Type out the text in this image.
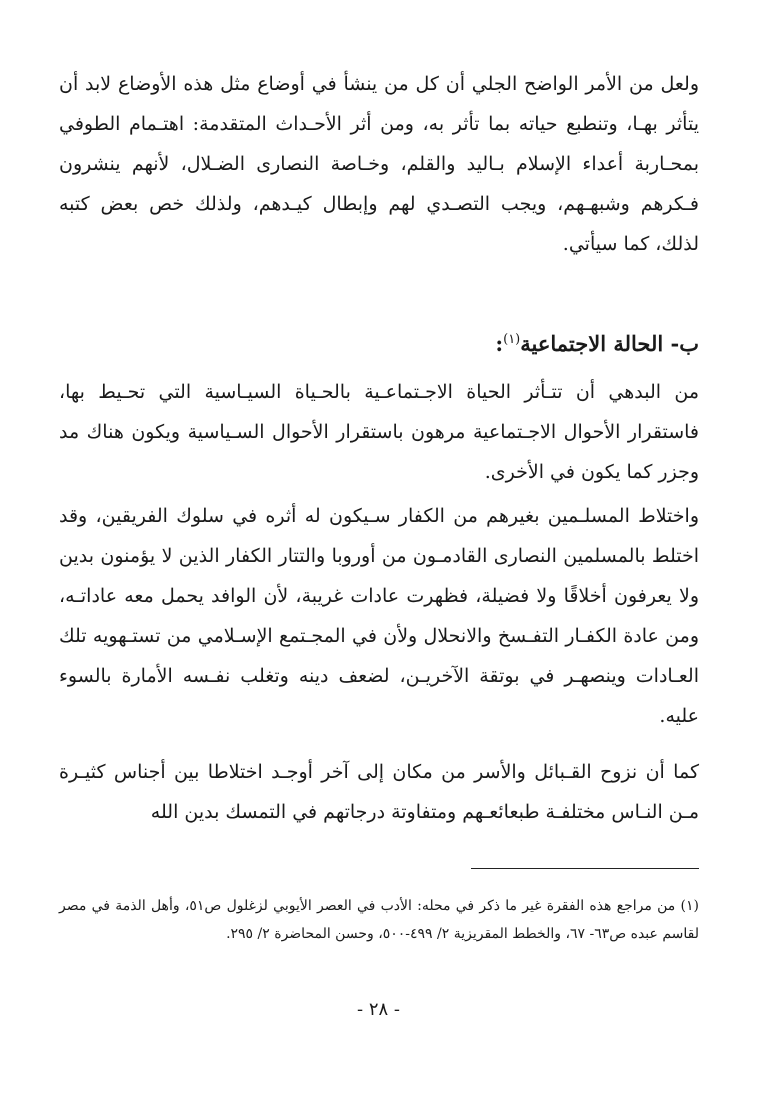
ولعل من الأمر الواضح الجلي أن كل من ينشأ في أوضاع مثل هذه الأوضاع لابد أن يتأثر بهـا، وتنطبع حياته بما تأثر به، ومن أثر الأحـداث المتقدمة: اهتـمام الطوفي بمحـاربة أعداء الإسلام بـاليد والقلم، وخـاصة النصارى الضـلال، لأنهم ينشرون فـكرهم وشبهـهم، ويجب التصـدي لهم وإبطال كيـدهم، ولذلك خص بعض كتبه لذلك، كما سيأتي.

ب- الحالة الاجتماعية$^{(١)}$:

من البدهي أن تتـأثر الحياة الاجـتماعـية بالحـياة السيـاسية التي تحـيط بها، فاستقرار الأحوال الاجـتماعية مرهون باستقرار الأحوال السـياسية ويكون هناك مد وجزر كما يكون في الأخرى.

واختلاط المسلـمين بغيرهم من الكفار سـيكون له أثره في سلوك الفريقين، وقد اختلط بالمسلمين النصارى القادمـون من أوروبا والتتار الكفار الذين لا يؤمنون بدين ولا يعرفون أخلاقًا ولا فضيلة، فظهرت عادات غريبة، لأن الوافد يحمل معه عاداتـه، ومن عادة الكفـار التفـسخ والانحلال ولأن في المجـتمع الإسـلامي من تستـهويه تلك العـادات وينصهـر في بوتقة الآخريـن، لضعف دينه وتغلب نفـسه الأمارة بالسوء عليه.

كما أن نزوح القـبائل والأسر من مكان إلى آخر أوجـد اختلاطا بين أجناس كثيـرة مـن النـاس مختلفـة طبعائعـهم ومتفاوتة درجاتهم في التمسك بدين الله

(١) من مراجع هذه الفقرة غير ما ذكر في محله: الأدب في العصر الأيوبي لزغلول ص٥١، وأهل الذمة في مصر لقاسم عبده ص٦٣- ٦٧، والخطط المقريزية ٢/ ٤٩٩-٥٠٠، وحسن المحاضرة ٢/ ٢٩٥.

- ٢٨ -
